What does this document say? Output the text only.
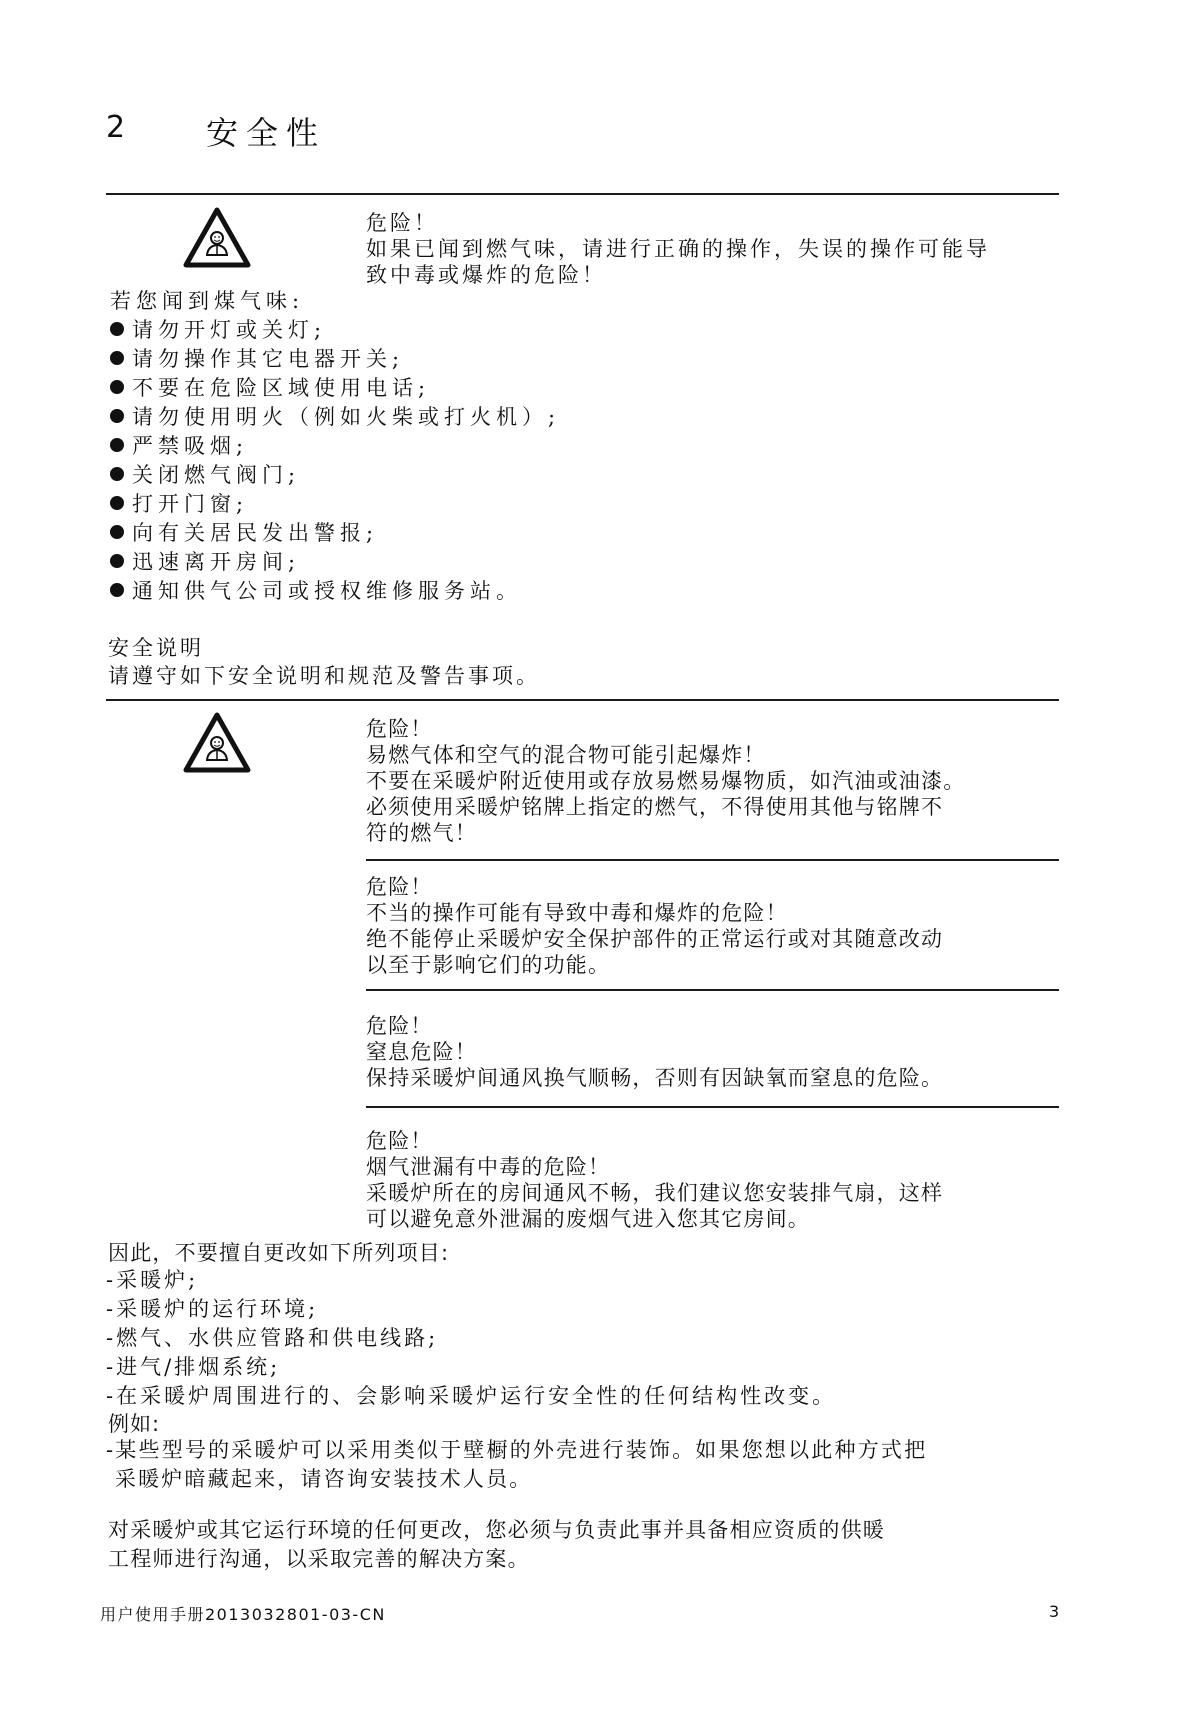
2 安全性
危险！
如果已闻到燃气味，请进行正确的操作，失误的操作可能导
致中毒或爆炸的危险！
若您闻到煤气味:
请勿开灯或关灯;
请勿操作其它电器开关;
不要在危险区域使用电话;
请勿使用明火（例如火柴或打火机）;
严禁吸烟;
关闭燃气阀门;
打开门窗;
向有关居民发出警报;
迅速离开房间;
通知供气公司或授权维修服务站。
安全说明
请遵守如下安全说明和规范及警告事项。
危险！
易燃气体和空气的混合物可能引起爆炸！
不要在采暖炉附近使用或存放易燃易爆物质，如汽油或油漆。
必须使用采暖炉铭牌上指定的燃气，不得使用其他与铭牌不
符的燃气！
危险！
不当的操作可能有导致中毒和爆炸的危险！
绝不能停止采暖炉安全保护部件的正常运行或对其随意改动
以至于影响它们的功能。
危险！
窒息危险！
保持采暖炉间通风换气顺畅，否则有因缺氧而窒息的危险。
危险！
烟气泄漏有中毒的危险！
采暖炉所在的房间通风不畅，我们建议您安装排气扇，这样
可以避免意外泄漏的废烟气进入您其它房间。
因此，不要擅自更改如下所列项目:
-采暖炉;
-采暖炉的运行环境;
-燃气、水供应管路和供电线路;
-进气/排烟系统;
-在采暖炉周围进行的、会影响采暖炉运行安全性的任何结构性改变。
例如:
-某些型号的采暖炉可以采用类似于壁橱的外壳进行装饰。如果您想以此种方式把
采暖炉暗藏起来，请咨询安装技术人员。
对采暖炉或其它运行环境的任何更改，您必须与负责此事并具备相应资质的供暖
工程师进行沟通，以采取完善的解决方案。
用户使用手册2013032801-03-CN	3
